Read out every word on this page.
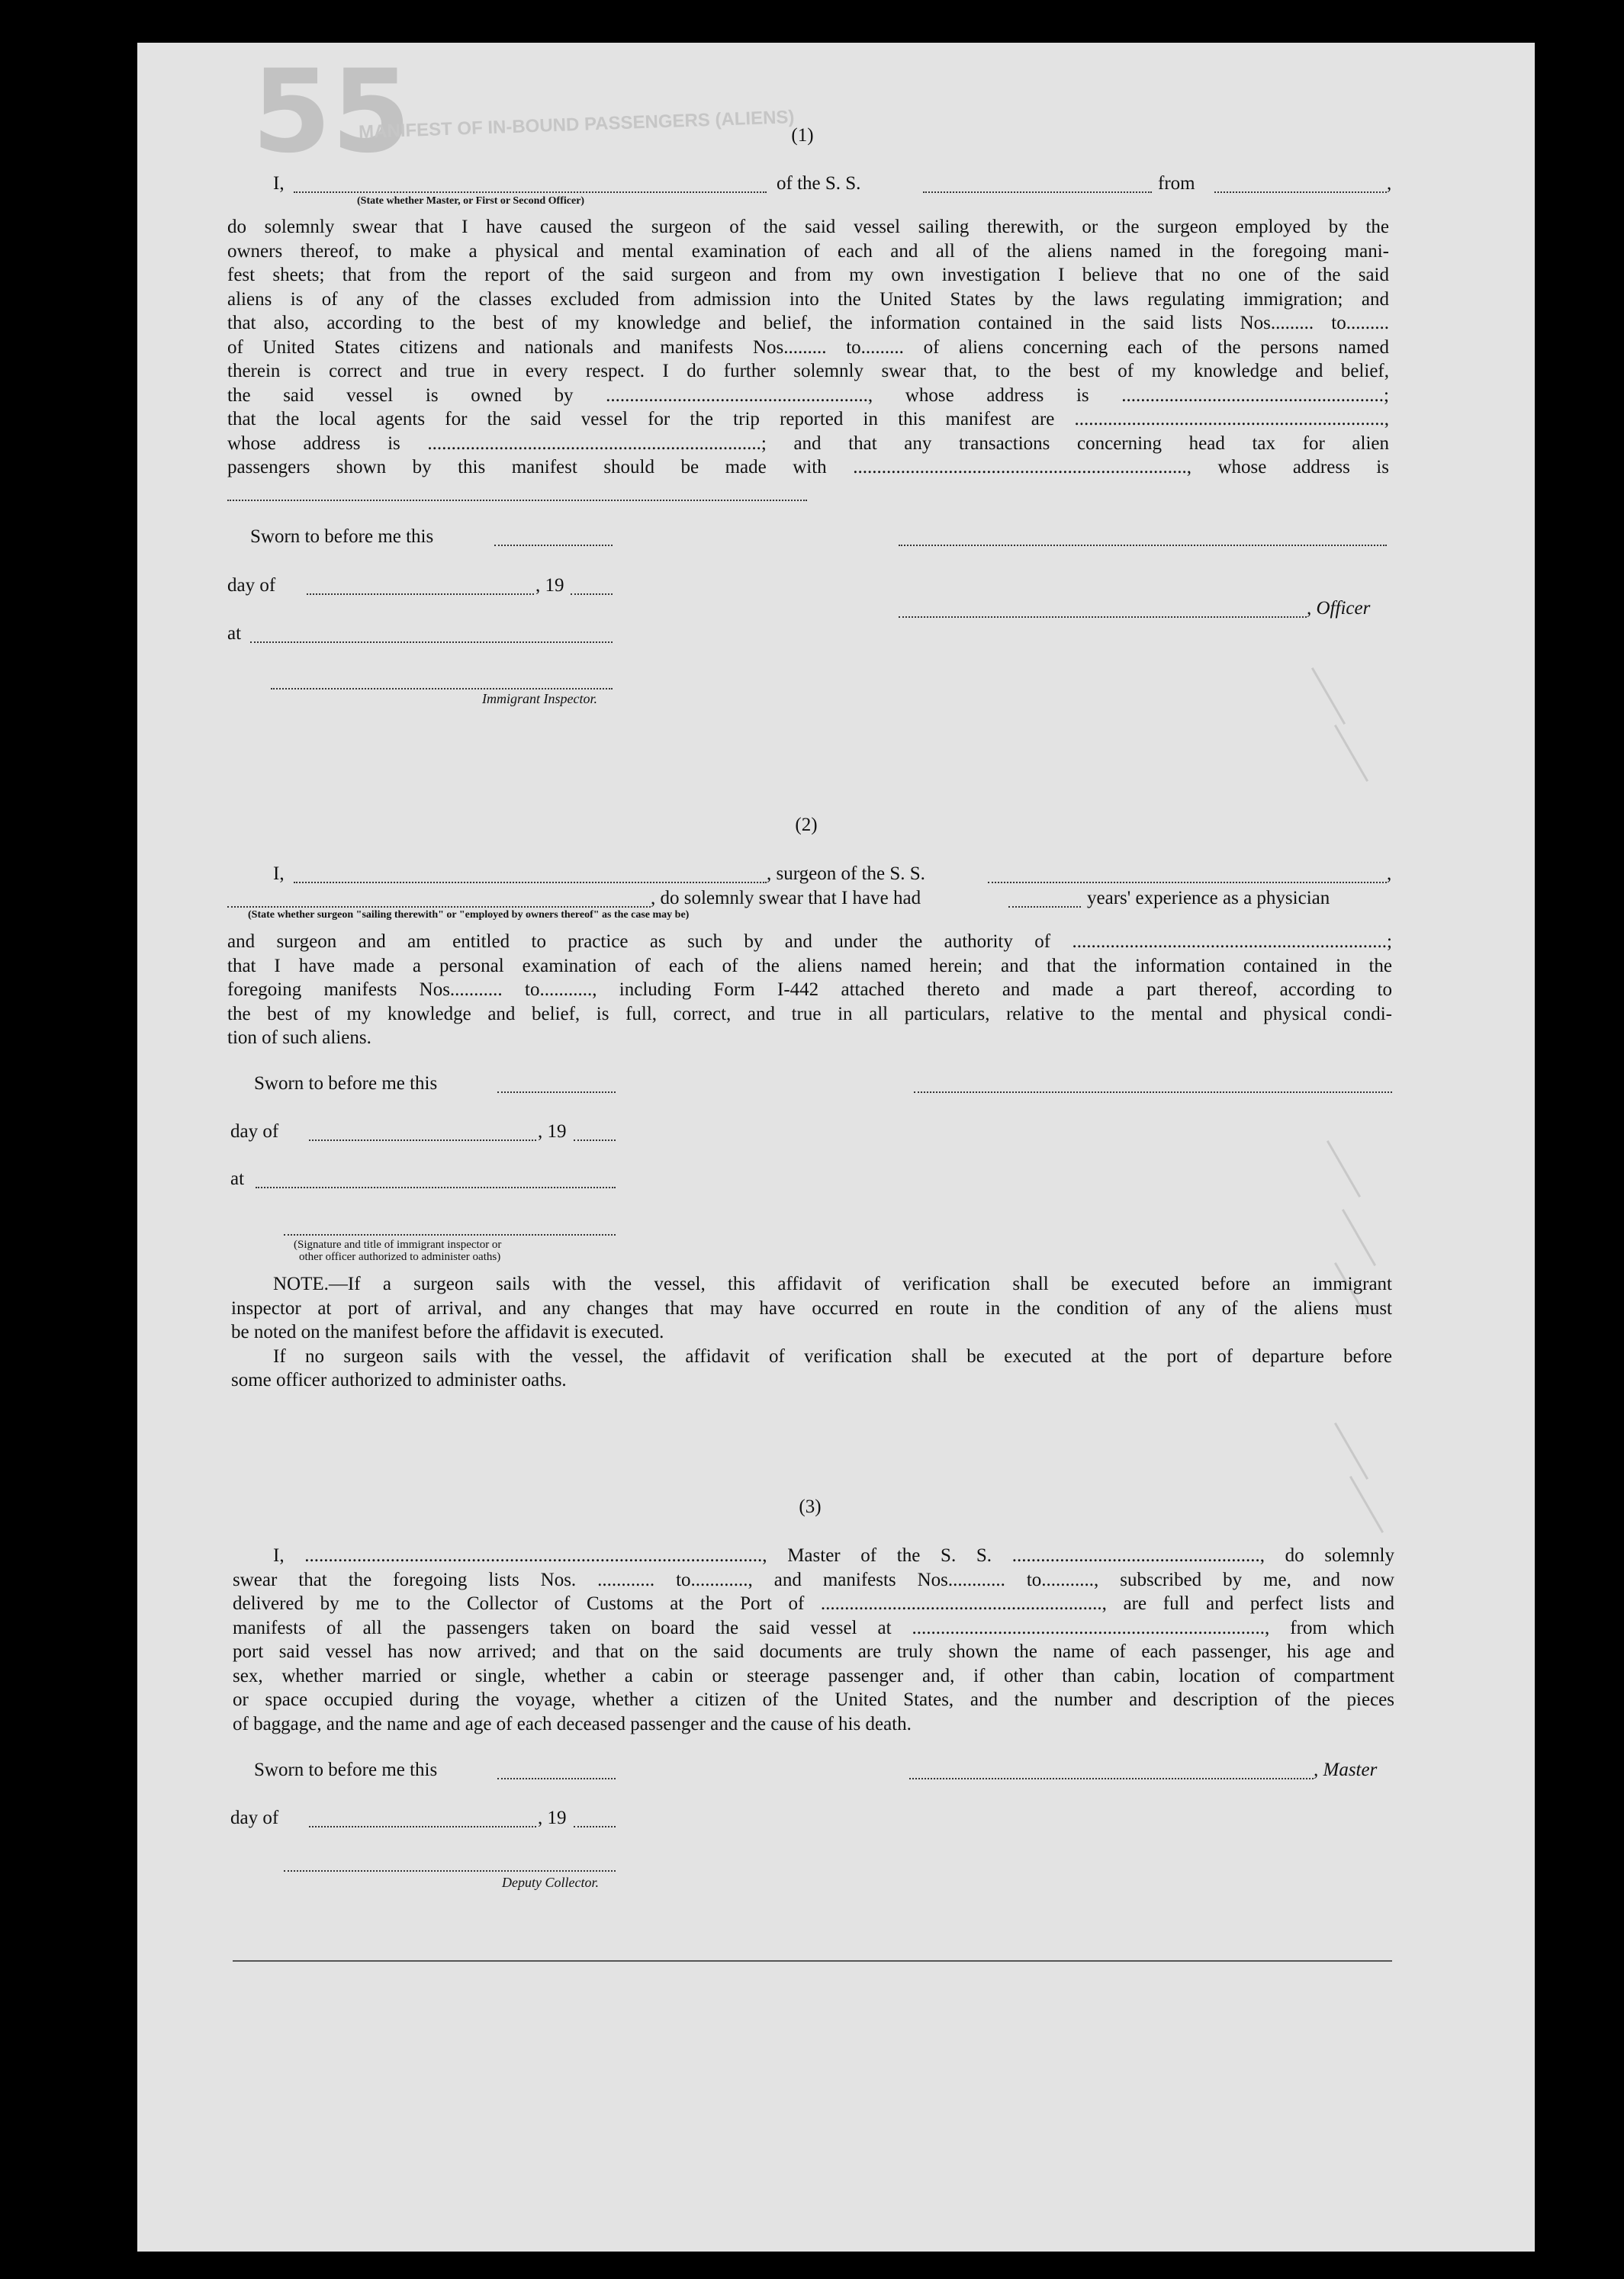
55
MANIFEST OF IN-BOUND PASSENGERS (ALIENS)
(1)
I,	of the S. S.	from	,
(State whether Master, or First or Second Officer)
do solemnly swear that I have caused the surgeon of the said vessel sailing therewith, or the surgeon employed by the
owners thereof, to make a physical and mental examination of each and all of the aliens named in the foregoing mani-
fest sheets; that from the report of the said surgeon and from my own investigation I believe that no one of the said
aliens is of any of the classes excluded from admission into the United States by the laws regulating immigration; and
that also, according to the best of my knowledge and belief, the information contained in the said lists Nos......... to.........
of United States citizens and nationals and manifests Nos......... to......... of aliens concerning each of the persons named
therein is correct and true in every respect. I do further solemnly swear that, to the best of my knowledge and belief,
the said vessel is owned by ......................................................., whose address is .......................................................;
that the local agents for the said vessel for the trip reported in this manifest are .................................................................,
whose address is ......................................................................; and that any transactions concerning head tax for alien
passengers shown by this manifest should be made with ......................................................................, whose address is
Sworn to before me this
day of	, 19
, Officer
at
Immigrant Inspector.
(2)
I,	, surgeon of the S. S.	,
, do solemnly swear that I have had	years' experience as a physician
(State whether surgeon "sailing therewith" or "employed by owners thereof" as the case may be)
and surgeon and am entitled to practice as such by and under the authority of ..................................................................;
that I have made a personal examination of each of the aliens named herein; and that the information contained in the
foregoing manifests Nos........... to..........., including Form I-442 attached thereto and made a part thereof, according to
the best of my knowledge and belief, is full, correct, and true in all particulars, relative to the mental and physical condi-
tion of such aliens.
Sworn to before me this
day of	, 19
at
(Signature and title of immigrant inspector or
other officer authorized to administer oaths)
NOTE.—If a surgeon sails with the vessel, this affidavit of verification shall be executed before an immigrant
inspector at port of arrival, and any changes that may have occurred en route in the condition of any of the aliens must
be noted on the manifest before the affidavit is executed.
If no surgeon sails with the vessel, the affidavit of verification shall be executed at the port of departure before
some officer authorized to administer oaths.
(3)
I, ................................................................................................, Master of the S. S. ...................................................., do solemnly
swear that the foregoing lists Nos. ............ to............, and manifests Nos............ to..........., subscribed by me, and now
delivered by me to the Collector of Customs at the Port of ..........................................................., are full and perfect lists and
manifests of all the passengers taken on board the said vessel at .........................................................................., from which
port said vessel has now arrived; and that on the said documents are truly shown the name of each passenger, his age and
sex, whether married or single, whether a cabin or steerage passenger and, if other than cabin, location of compartment
or space occupied during the voyage, whether a citizen of the United States, and the number and description of the pieces
of baggage, and the name and age of each deceased passenger and the cause of his death.
Sworn to before me this	, Master
day of	, 19
Deputy Collector.
